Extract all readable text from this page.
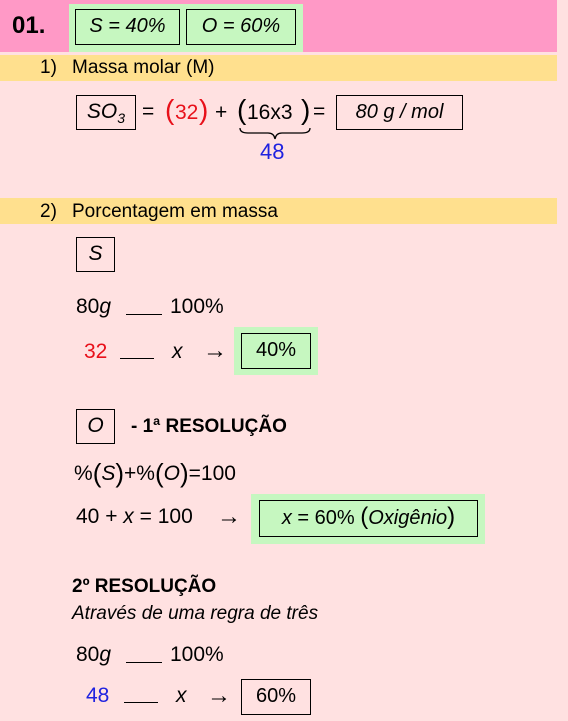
01.	S = 40%	O = 60%
1) Massa molar (M)
$SO_3$ = ( 32 ) + ( 16x3 ) =	80 g / mol
48
2) Porcentagem em massa
S
80g	100%
32	x →	40%
O	- 1ª RESOLUÇÃO
%(S)+%(O)=100
40 + x = 100 →	x = 60% (Oxigênio)
2º RESOLUÇÃO
Através de uma regra de três
80g	100%
48	x →	60%
